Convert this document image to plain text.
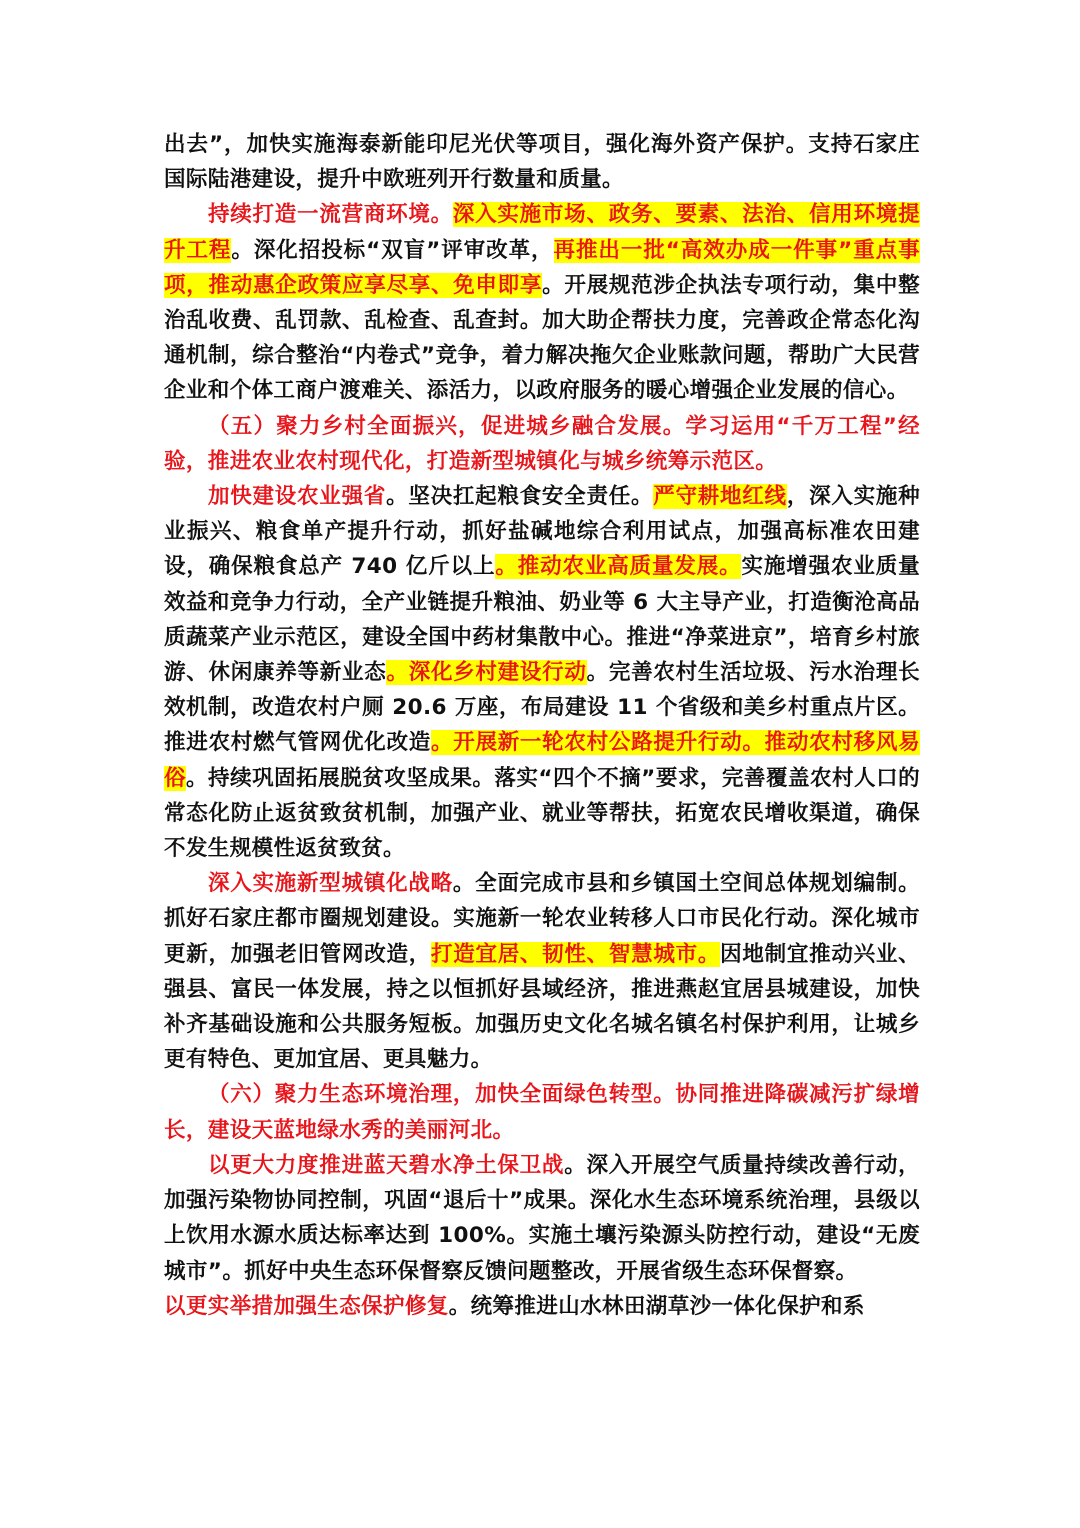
出去”，加快实施海泰新能印尼光伏等项目，强化海外资产保护。支持石家庄国际陆港建设，提升中欧班列开行数量和质量。

持续打造一流营商环境。深入实施市场、政务、要素、法治、信用环境提升工程。深化招投标“双盲”评审改革，再推出一批“高效办成一件事”重点事项，推动惠企政策应享尽享、免申即享。开展规范涉企执法专项行动，集中整治乱收费、乱罚款、乱检查、乱查封。加大助企帮扶力度，完善政企常态化沟通机制，综合整治“内卷式”竞争，着力解决拖欠企业账款问题，帮助广大民营企业和个体工商户渡难关、添活力，以政府服务的暖心增强企业发展的信心。

（五）聚力乡村全面振兴，促进城乡融合发展。学习运用“千万工程”经验，推进农业农村现代化，打造新型城镇化与城乡统筹示范区。

加快建设农业强省。坚决扛起粮食安全责任。严守耕地红线，深入实施种业振兴、粮食单产提升行动，抓好盐碱地综合利用试点，加强高标准农田建设，确保粮食总产 740 亿斤以上。推动农业高质量发展。实施增强农业质量效益和竞争力行动，全产业链提升粮油、奶业等 6 大主导产业，打造衡沧高品质蔬菜产业示范区，建设全国中药材集散中心。推进“净菜进京”，培育乡村旅游、休闲康养等新业态。深化乡村建设行动。完善农村生活垃圾、污水治理长效机制，改造农村户厕 20.6 万座，布局建设 11 个省级和美乡村重点片区。推进农村燃气管网优化改造。开展新一轮农村公路提升行动。推动农村移风易俗。持续巩固拓展脱贫攻坚成果。落实“四个不摘”要求，完善覆盖农村人口的常态化防止返贫致贫机制，加强产业、就业等帮扶，拓宽农民增收渠道，确保不发生规模性返贫致贫。

深入实施新型城镇化战略。全面完成市县和乡镇国土空间总体规划编制。抓好石家庄都市圈规划建设。实施新一轮农业转移人口市民化行动。深化城市更新，加强老旧管网改造，打造宜居、韧性、智慧城市。因地制宜推动兴业、强县、富民一体发展，持之以恒抓好县域经济，推进燕赵宜居县城建设，加快补齐基础设施和公共服务短板。加强历史文化名城名镇名村保护利用，让城乡更有特色、更加宜居、更具魅力。

（六）聚力生态环境治理，加快全面绿色转型。协同推进降碳减污扩绿增长，建设天蓝地绿水秀的美丽河北。

以更大力度推进蓝天碧水净土保卫战。深入开展空气质量持续改善行动，加强污染物协同控制，巩固“退后十”成果。深化水生态环境系统治理，县级以上饮用水源水质达标率达到 100%。实施土壤污染源头防控行动，建设“无废城市”。抓好中央生态环保督察反馈问题整改，开展省级生态环保督察。

以更实举措加强生态保护修复。统筹推进山水林田湖草沙一体化保护和系
